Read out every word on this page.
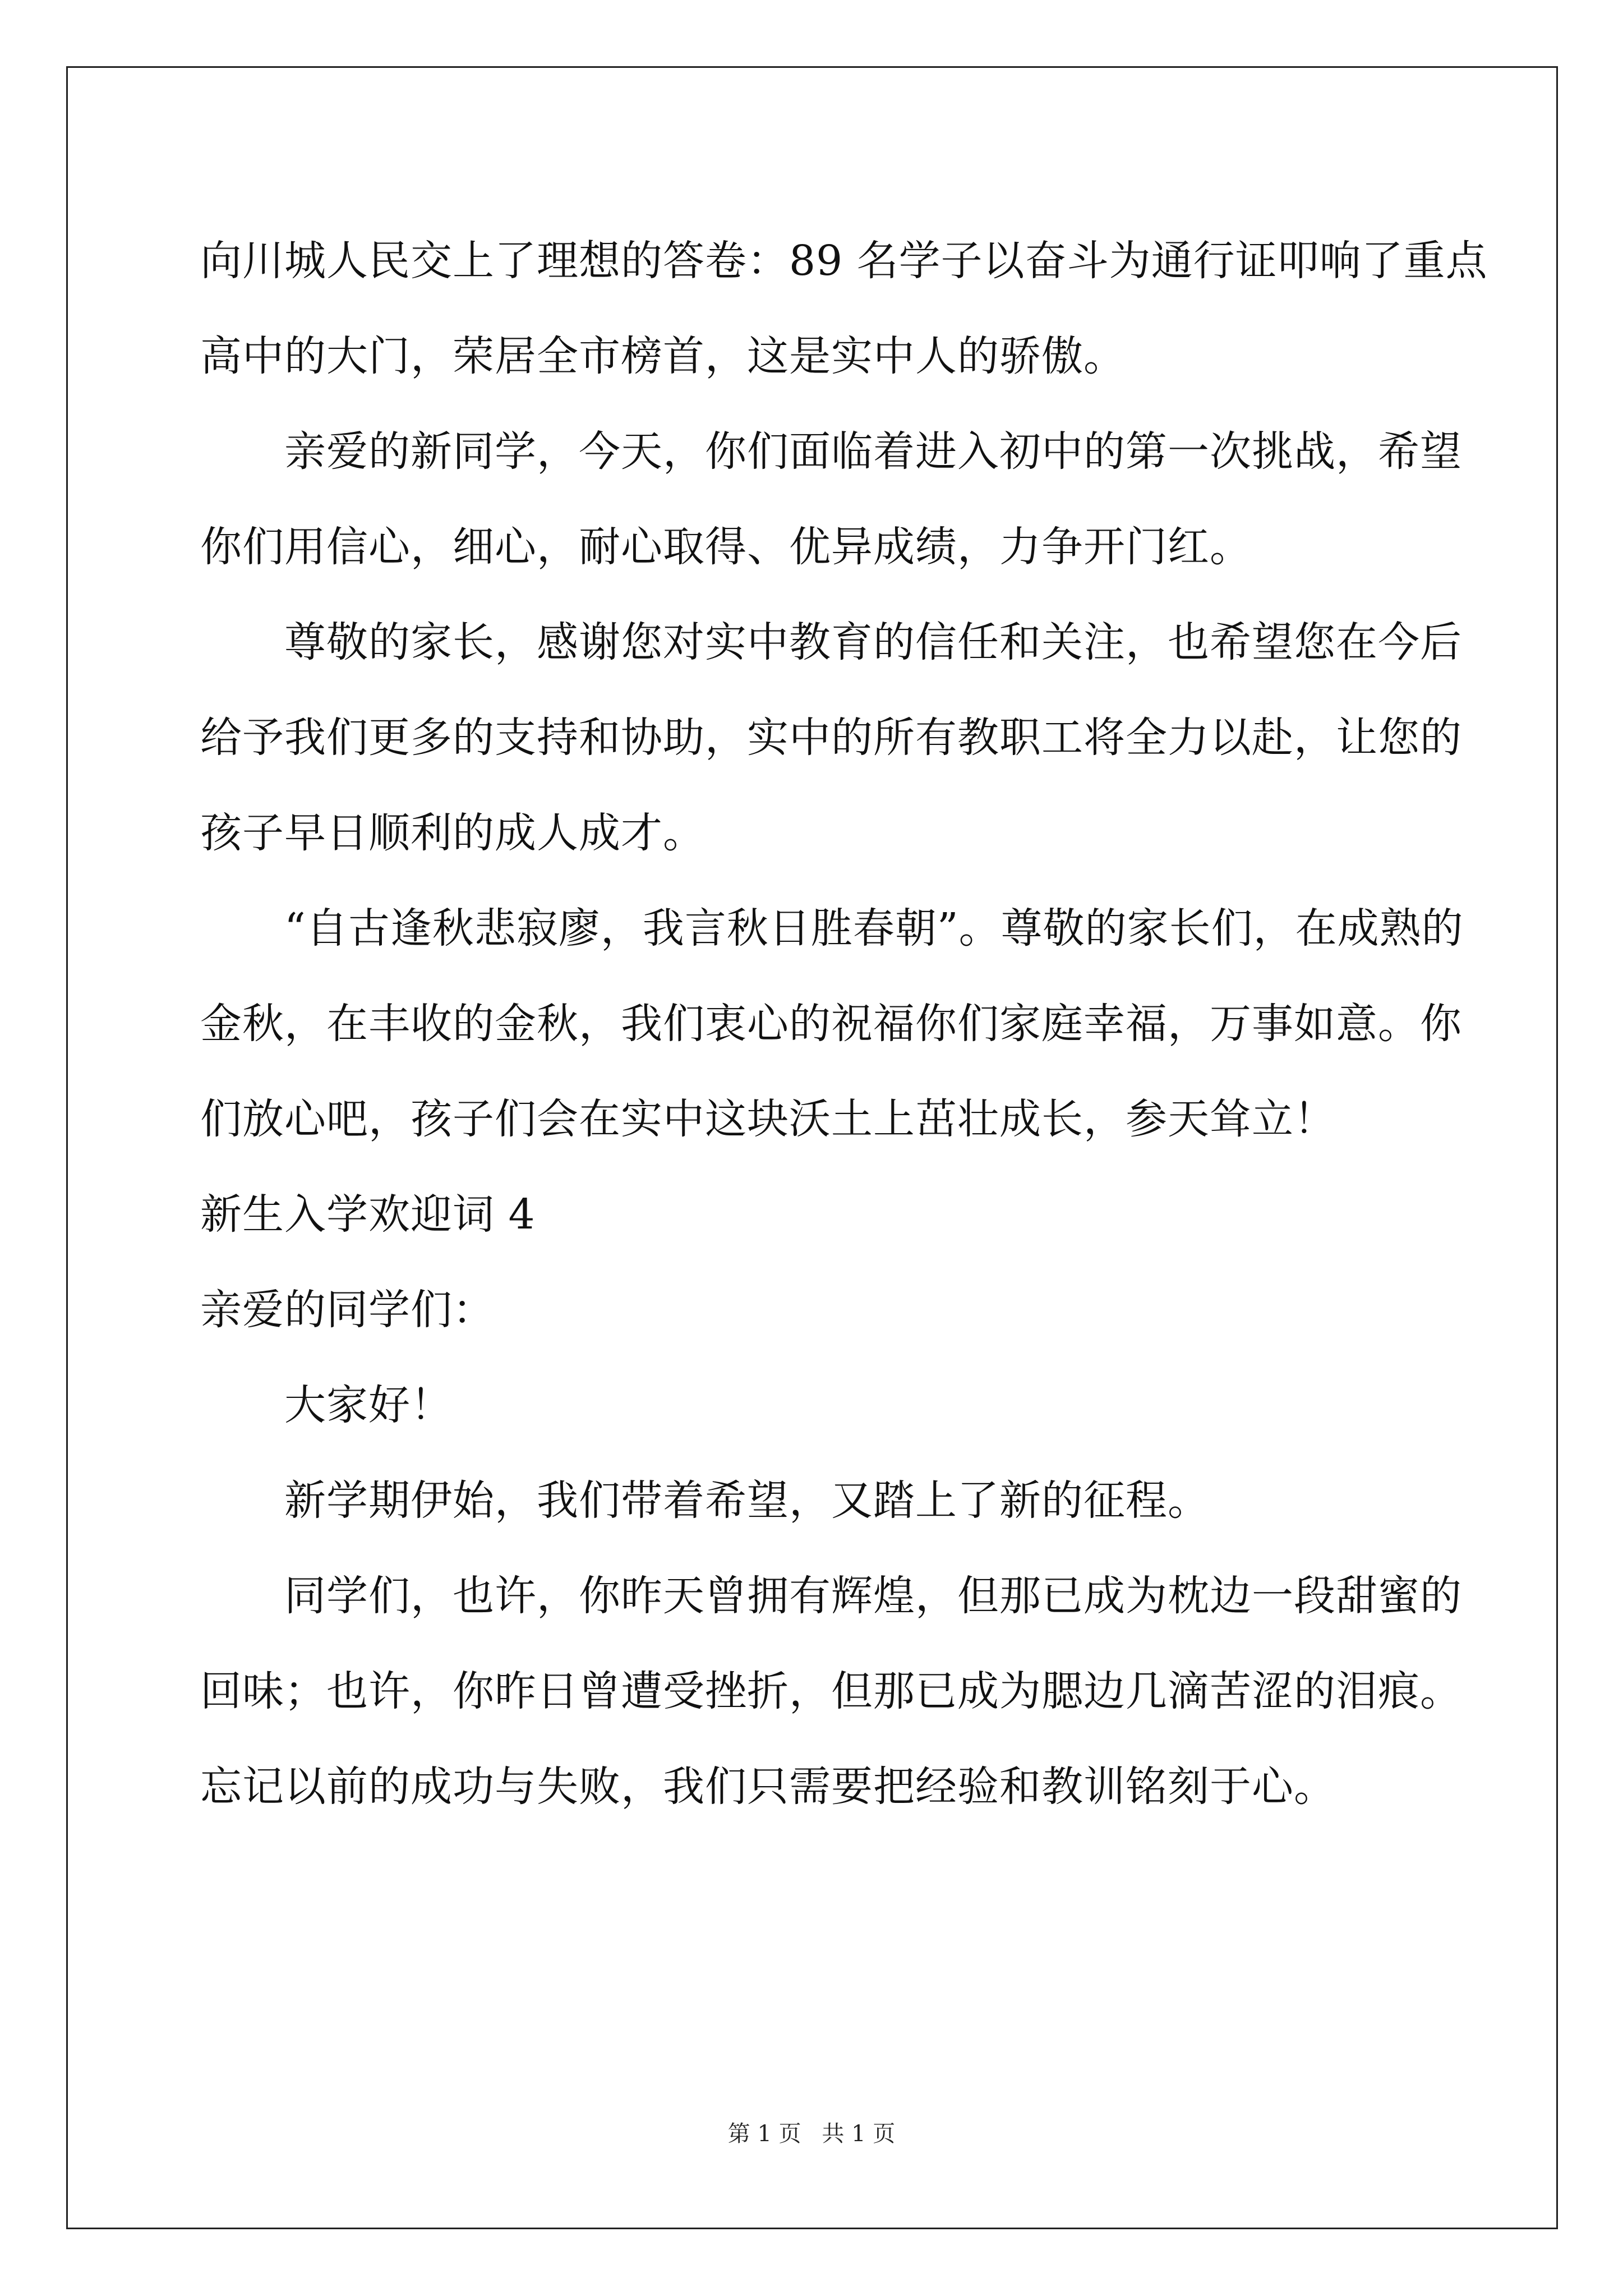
向川城人民交上了理想的答卷：89 名学子以奋斗为通行证叩响了重点
高中的大门，荣居全市榜首，这是实中人的骄傲。
亲爱的新同学，今天，你们面临着进入初中的第一次挑战，希望
你们用信心，细心，耐心取得、优异成绩，力争开门红。
尊敬的家长，感谢您对实中教育的信任和关注，也希望您在今后
给予我们更多的支持和协助，实中的所有教职工将全力以赴，让您的
孩子早日顺利的成人成才。
“自古逢秋悲寂廖，我言秋日胜春朝”。尊敬的家长们，在成熟的
金秋，在丰收的金秋，我们衷心的祝福你们家庭幸福，万事如意。你
们放心吧，孩子们会在实中这块沃土上茁壮成长，参天耸立！
新生入学欢迎词 4
亲爱的同学们：
大家好！
新学期伊始，我们带着希望，又踏上了新的征程。
同学们，也许，你昨天曾拥有辉煌，但那已成为枕边一段甜蜜的
回味；也许，你昨日曾遭受挫折，但那已成为腮边几滴苦涩的泪痕。
忘记以前的成功与失败，我们只需要把经验和教训铭刻于心。
第 1 页 共 1 页
